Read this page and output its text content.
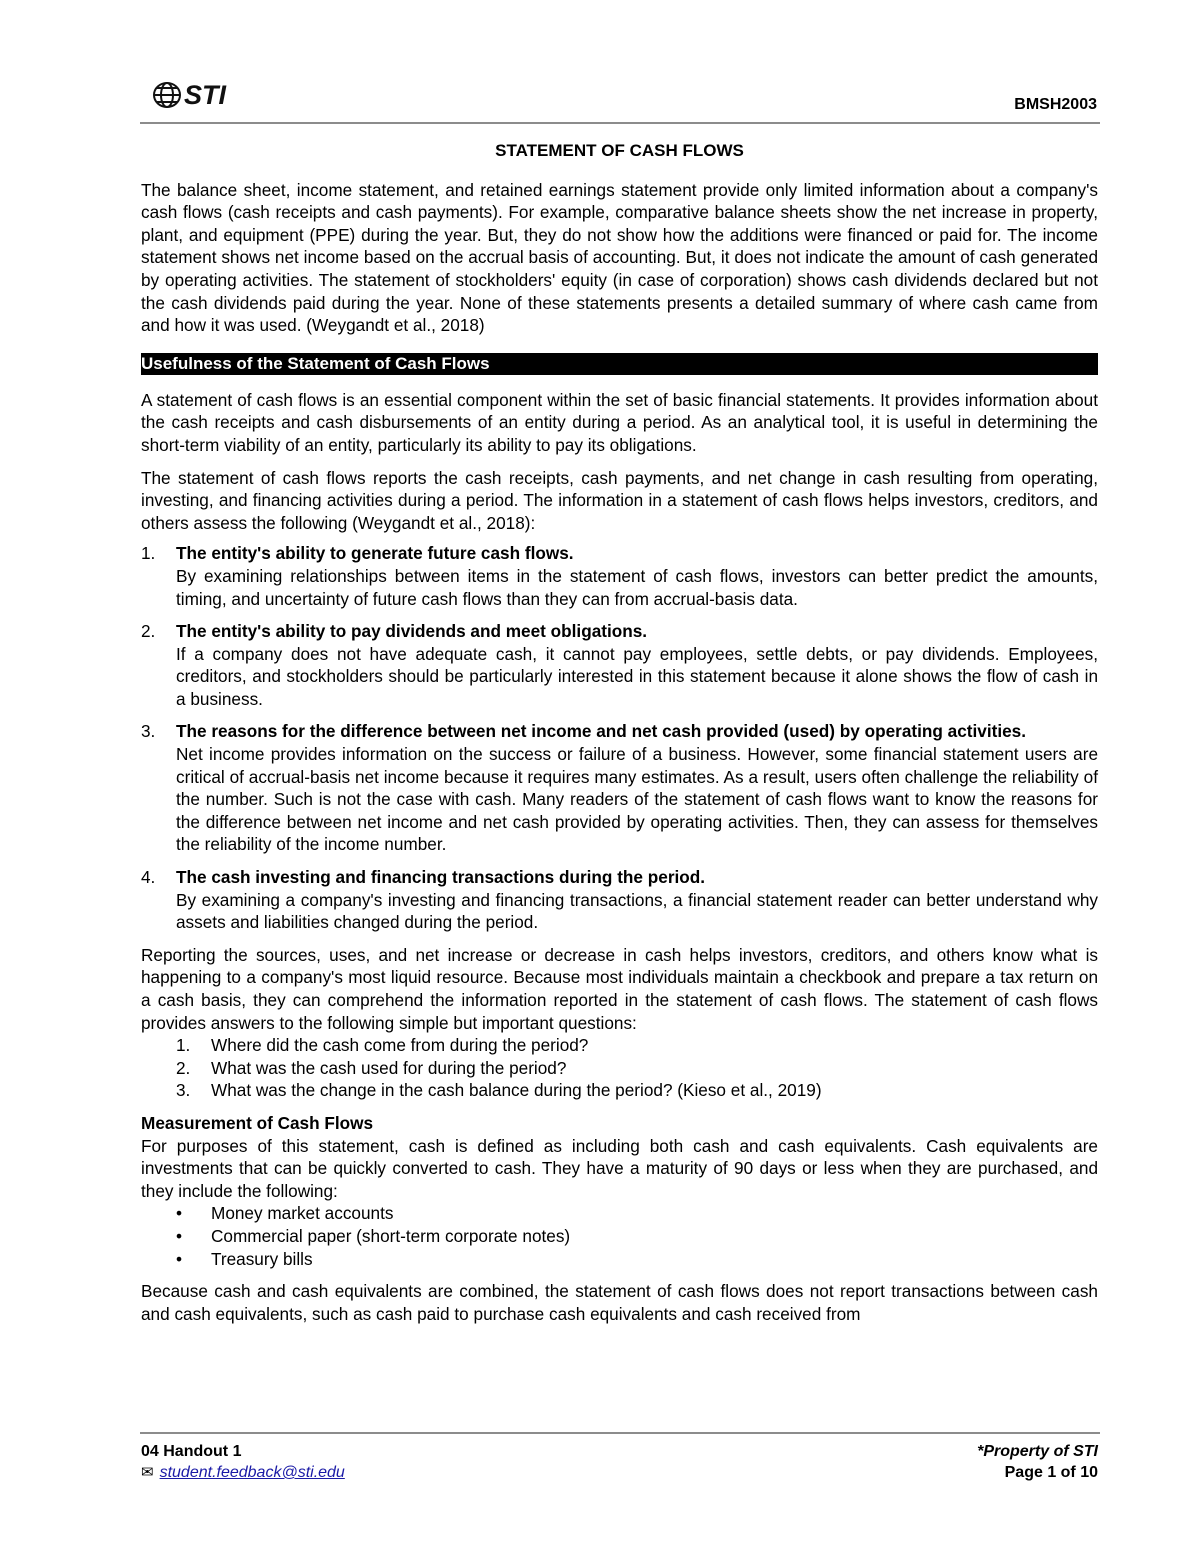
STI	BMSH2003
STATEMENT OF CASH FLOWS

The balance sheet, income statement, and retained earnings statement provide only limited information about a company's cash flows (cash receipts and cash payments). For example, comparative balance sheets show the net increase in property, plant, and equipment (PPE) during the year. But, they do not show how the additions were financed or paid for. The income statement shows net income based on the accrual basis of accounting. But, it does not indicate the amount of cash generated by operating activities. The statement of stockholders' equity (in case of corporation) shows cash dividends declared but not the cash dividends paid during the year. None of these statements presents a detailed summary of where cash came from and how it was used. (Weygandt et al., 2018)

Usefulness of the Statement of Cash Flows

A statement of cash flows is an essential component within the set of basic financial statements. It provides information about the cash receipts and cash disbursements of an entity during a period. As an analytical tool, it is useful in determining the short-term viability of an entity, particularly its ability to pay its obligations.

The statement of cash flows reports the cash receipts, cash payments, and net change in cash resulting from operating, investing, and financing activities during a period. The information in a statement of cash flows helps investors, creditors, and others assess the following (Weygandt et al., 2018):

1. The entity's ability to generate future cash flows.
By examining relationships between items in the statement of cash flows, investors can better predict the amounts, timing, and uncertainty of future cash flows than they can from accrual-basis data.
2. The entity's ability to pay dividends and meet obligations.
If a company does not have adequate cash, it cannot pay employees, settle debts, or pay dividends. Employees, creditors, and stockholders should be particularly interested in this statement because it alone shows the flow of cash in a business.
3. The reasons for the difference between net income and net cash provided (used) by operating activities.
Net income provides information on the success or failure of a business. However, some financial statement users are critical of accrual-basis net income because it requires many estimates. As a result, users often challenge the reliability of the number. Such is not the case with cash. Many readers of the statement of cash flows want to know the reasons for the difference between net income and net cash provided by operating activities. Then, they can assess for themselves the reliability of the income number.
4. The cash investing and financing transactions during the period.
By examining a company's investing and financing transactions, a financial statement reader can better understand why assets and liabilities changed during the period.

Reporting the sources, uses, and net increase or decrease in cash helps investors, creditors, and others know what is happening to a company's most liquid resource. Because most individuals maintain a checkbook and prepare a tax return on a cash basis, they can comprehend the information reported in the statement of cash flows. The statement of cash flows provides answers to the following simple but important questions:

1. Where did the cash come from during the period?
2. What was the cash used for during the period?
3. What was the change in the cash balance during the period? (Kieso et al., 2019)
Measurement of Cash Flows

For purposes of this statement, cash is defined as including both cash and cash equivalents. Cash equivalents are investments that can be quickly converted to cash. They have a maturity of 90 days or less when they are purchased, and they include the following:

• Money market accounts
• Commercial paper (short-term corporate notes)
• Treasury bills

Because cash and cash equivalents are combined, the statement of cash flows does not report transactions between cash and cash equivalents, such as cash paid to purchase cash equivalents and cash received from

04 Handout 1
✉ student.feedback@sti.edu
*Property of STI
Page 1 of 10
